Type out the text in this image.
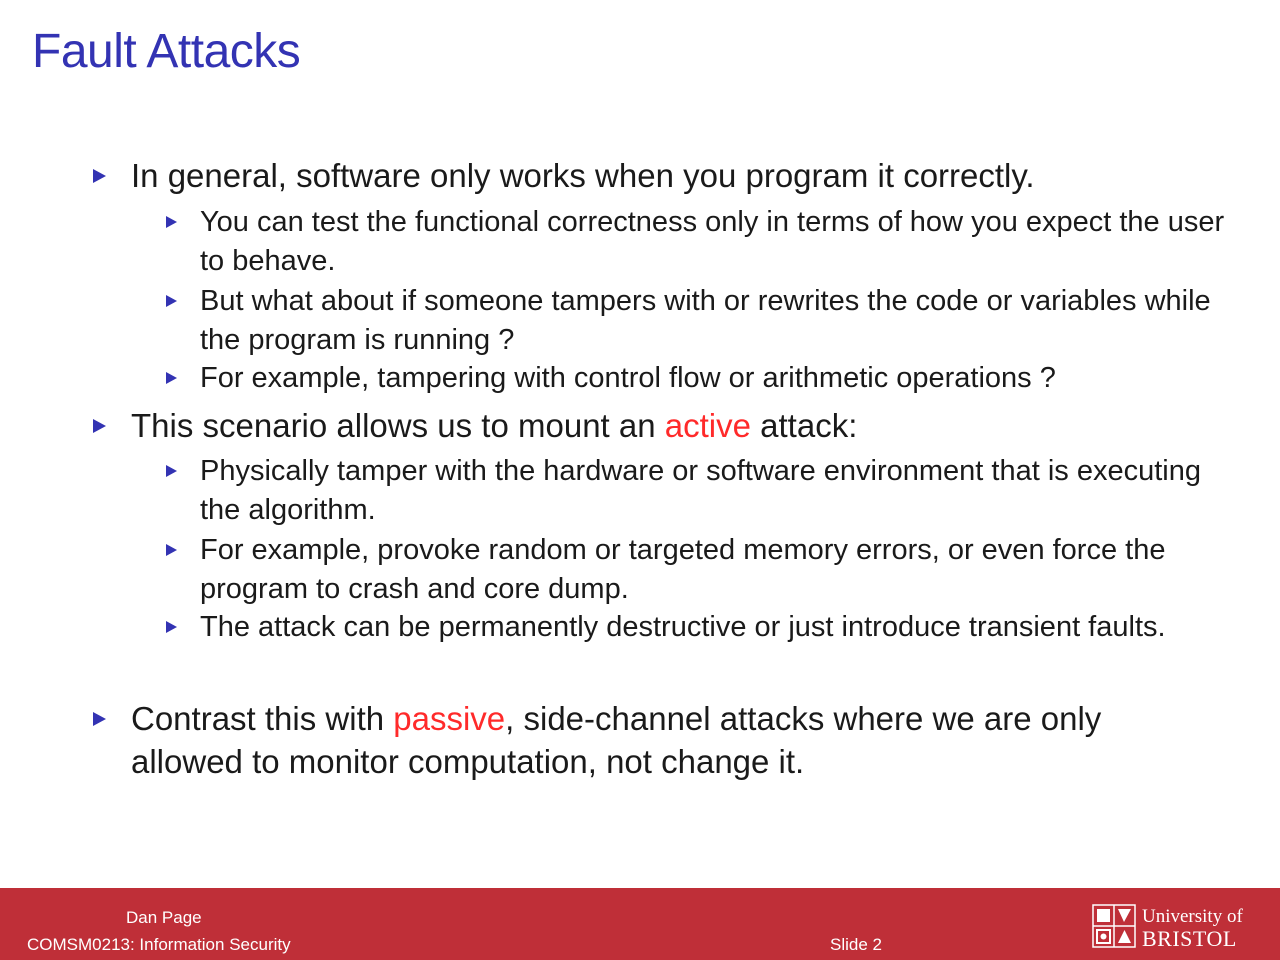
Fault Attacks
In general, software only works when you program it correctly.
You can test the functional correctness only in terms of how you expect the user to behave.
But what about if someone tampers with or rewrites the code or variables while the program is running ?
For example, tampering with control flow or arithmetic operations ?
This scenario allows us to mount an active attack:
Physically tamper with the hardware or software environment that is executing the algorithm.
For example, provoke random or targeted memory errors, or even force the program to crash and core dump.
The attack can be permanently destructive or just introduce transient faults.
Contrast this with passive, side-channel attacks where we are only allowed to monitor computation, not change it.
Dan Page
COMSM0213: Information Security	Slide 2
University of
BRISTOL
